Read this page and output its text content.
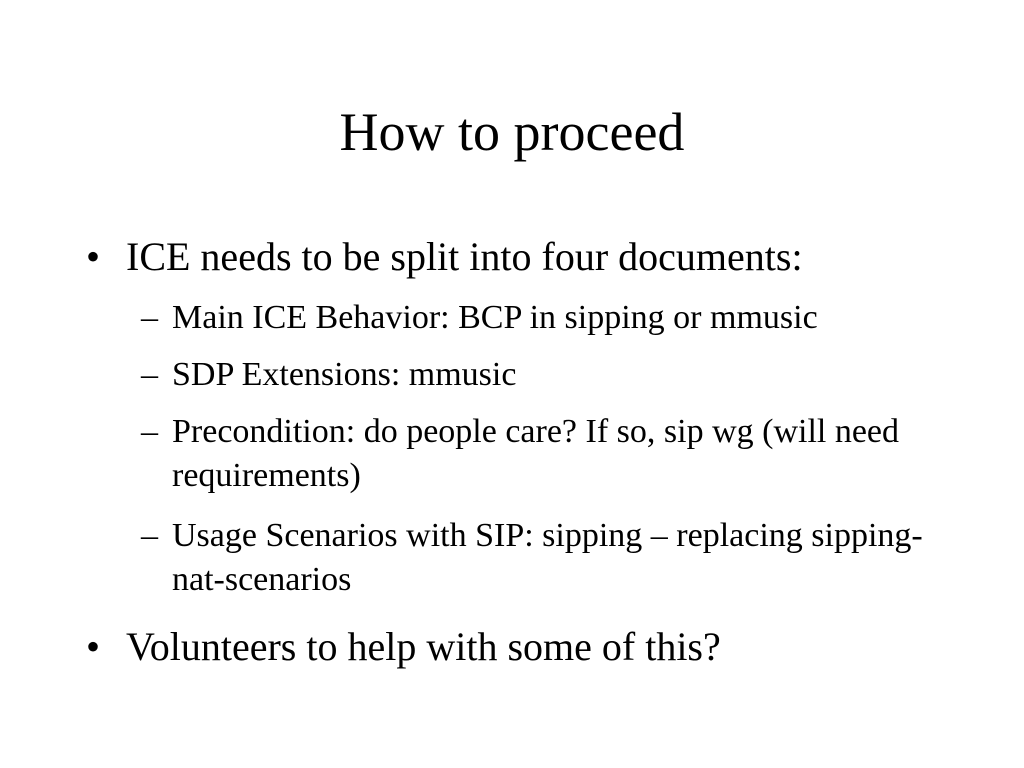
How to proceed
• ICE needs to be split into four documents:
– Main ICE Behavior: BCP in sipping or mmusic
– SDP Extensions: mmusic
– Precondition: do people care? If so, sip wg (will need requirements)
– Usage Scenarios with SIP: sipping – replacing sipping-nat-scenarios
• Volunteers to help with some of this?
